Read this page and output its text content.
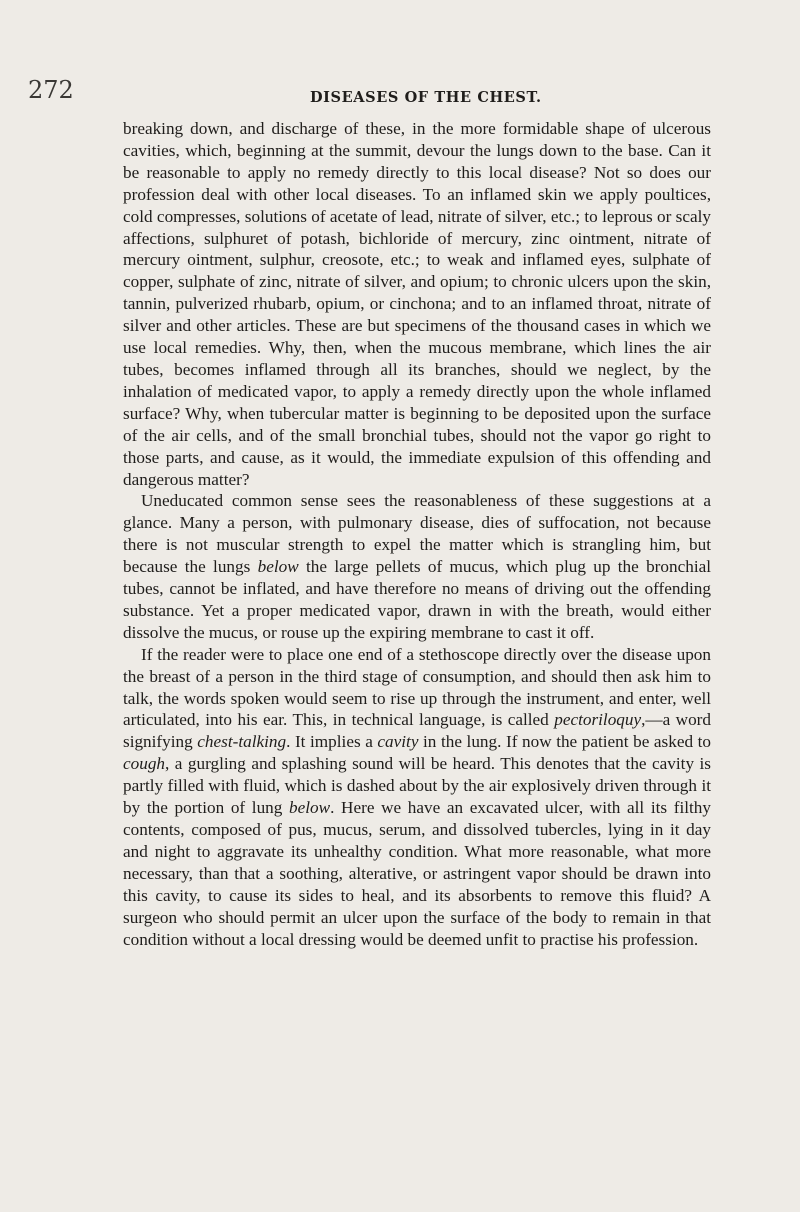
272	DISEASES OF THE CHEST.

breaking down, and discharge of these, in the more formidable shape of ulcerous cavities, which, beginning at the summit, devour the lungs down to the base. Can it be reasonable to apply no remedy directly to this local disease? Not so does our profession deal with other local diseases. To an inflamed skin we apply poultices, cold compresses, solutions of acetate of lead, nitrate of silver, etc.; to leprous or scaly affections, sulphuret of potash, bichloride of mercury, zinc ointment, nitrate of mercury ointment, sulphur, creosote, etc.; to weak and inflamed eyes, sulphate of copper, sulphate of zinc, nitrate of silver, and opium; to chronic ulcers upon the skin, tannin, pulverized rhubarb, opium, or cinchona; and to an inflamed throat, nitrate of silver and other articles. These are but specimens of the thousand cases in which we use local remedies. Why, then, when the mucous membrane, which lines the air tubes, becomes inflamed through all its branches, should we neglect, by the inhalation of medicated vapor, to apply a remedy directly upon the whole inflamed surface? Why, when tubercular matter is beginning to be deposited upon the surface of the air cells, and of the small bronchial tubes, should not the vapor go right to those parts, and cause, as it would, the immediate expulsion of this offending and dangerous matter?

Uneducated common sense sees the reasonableness of these suggestions at a glance. Many a person, with pulmonary disease, dies of suffocation, not because there is not muscular strength to expel the matter which is strangling him, but because the lungs below the large pellets of mucus, which plug up the bronchial tubes, cannot be inflated, and have therefore no means of driving out the offending substance. Yet a proper medicated vapor, drawn in with the breath, would either dissolve the mucus, or rouse up the expiring membrane to cast it off.

If the reader were to place one end of a stethoscope directly over the disease upon the breast of a person in the third stage of consumption, and should then ask him to talk, the words spoken would seem to rise up through the instrument, and enter, well articulated, into his ear. This, in technical language, is called pectoriloquy,—a word signifying chest-talking. It implies a cavity in the lung. If now the patient be asked to cough, a gurgling and splashing sound will be heard. This denotes that the cavity is partly filled with fluid, which is dashed about by the air explosively driven through it by the portion of lung below. Here we have an excavated ulcer, with all its filthy contents, composed of pus, mucus, serum, and dissolved tubercles, lying in it day and night to aggravate its unhealthy condition. What more reasonable, what more necessary, than that a soothing, alterative, or astringent vapor should be drawn into this cavity, to cause its sides to heal, and its absorbents to remove this fluid? A surgeon who should permit an ulcer upon the surface of the body to remain in that condition without a local dressing would be deemed unfit to practise his profession.
